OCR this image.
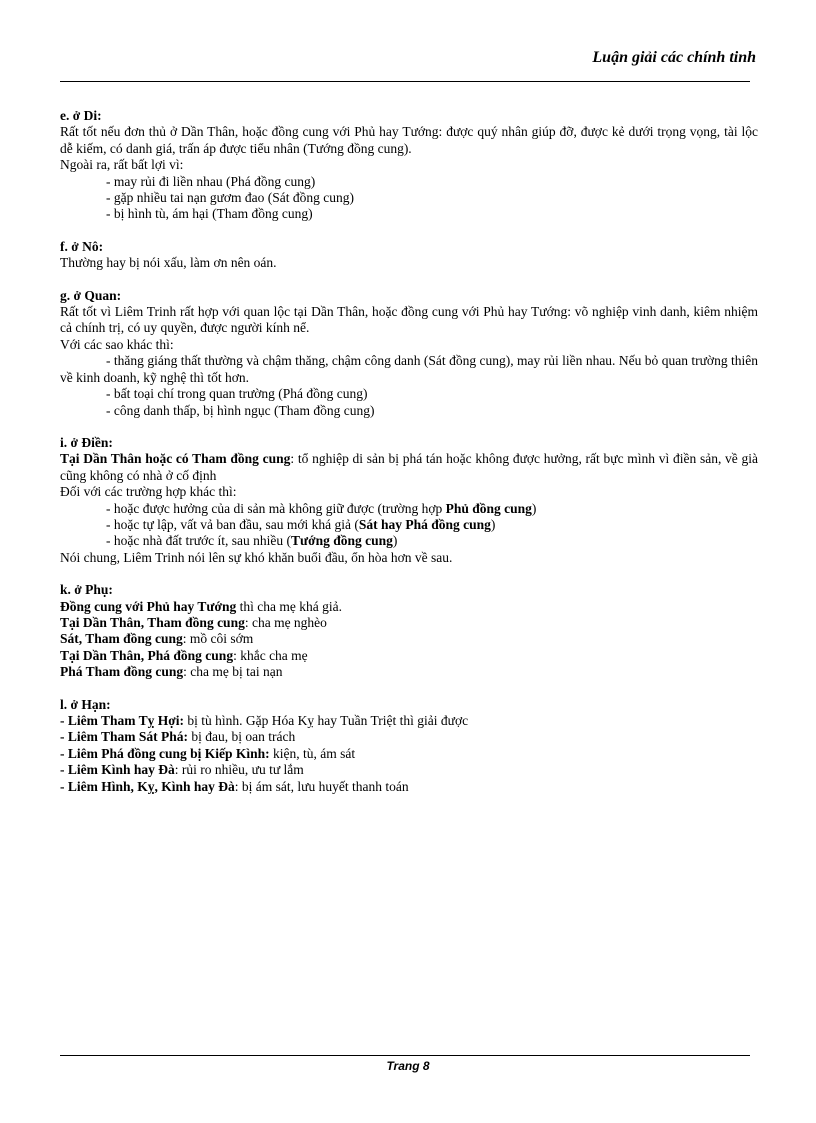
Luận giải các chính tinh
e. ở Di:
Rất tốt nếu đơn thủ ở Dần Thân, hoặc đồng cung với Phủ hay Tướng: được quý nhân giúp đỡ, được kẻ dưới trọng vọng, tài lộc dễ kiếm, có danh giá, trấn áp được tiểu nhân (Tướng đồng cung).
Ngoài ra, rất bất lợi vì:
- may rủi đi liền nhau (Phá đồng cung)
- gặp nhiều tai nạn gươm đao (Sát đồng cung)
- bị hình tù, ám hại (Tham đồng cung)
f. ở Nô:
Thường hay bị nói xấu, làm ơn nên oán.
g. ở Quan:
Rất tốt vì Liêm Trinh rất hợp với quan lộc tại Dần Thân, hoặc đồng cung với Phủ hay Tướng: võ nghiệp vinh danh, kiêm nhiệm cả chính trị, có uy quyền, được người kính nể.
Với các sao khác thì:
- thăng giáng thất thường và chậm thăng, chậm công danh (Sát đồng cung), may rủi liền nhau. Nếu bỏ quan trường thiên về kinh doanh, kỹ nghệ thì tốt hơn.
- bất toại chí trong quan trường (Phá đồng cung)
- công danh thấp, bị hình ngục (Tham đồng cung)
i. ở Điền:
Tại Dần Thân hoặc có Tham đồng cung: tổ nghiệp di sản bị phá tán hoặc không được hưởng, rất bực mình vì điền sản, về già cũng không có nhà ở cố định
Đối với các trường hợp khác thì:
- hoặc được hưởng của di sản mà không giữ được (trường hợp Phủ đồng cung)
- hoặc tự lập, vất vả ban đầu, sau mới khá giả (Sát hay Phá đồng cung)
- hoặc nhà đất trước ít, sau nhiều (Tướng đồng cung)
Nói chung, Liêm Trinh nói lên sự khó khăn buổi đầu, ổn hòa hơn về sau.
k. ở Phụ:
Đồng cung với Phủ hay Tướng thì cha mẹ khá giả.
Tại Dần Thân, Tham đồng cung: cha mẹ nghèo
Sát, Tham đồng cung: mồ côi sớm
Tại Dần Thân, Phá đồng cung: khắc cha mẹ
Phá Tham đồng cung: cha mẹ bị tai nạn
l. ở Hạn:
- Liêm Tham Tỵ Hợi: bị tù hình. Gặp Hóa Kỵ hay Tuần Triệt thì giải được
- Liêm Tham Sát Phá: bị đau, bị oan trách
- Liêm Phá đồng cung bị Kiếp Kình: kiện, tù, ám sát
- Liêm Kình hay Đà: rủi ro nhiều, ưu tư lắm
- Liêm Hình, Kỵ, Kình hay Đà: bị ám sát, lưu huyết thanh toán
Trang 8
